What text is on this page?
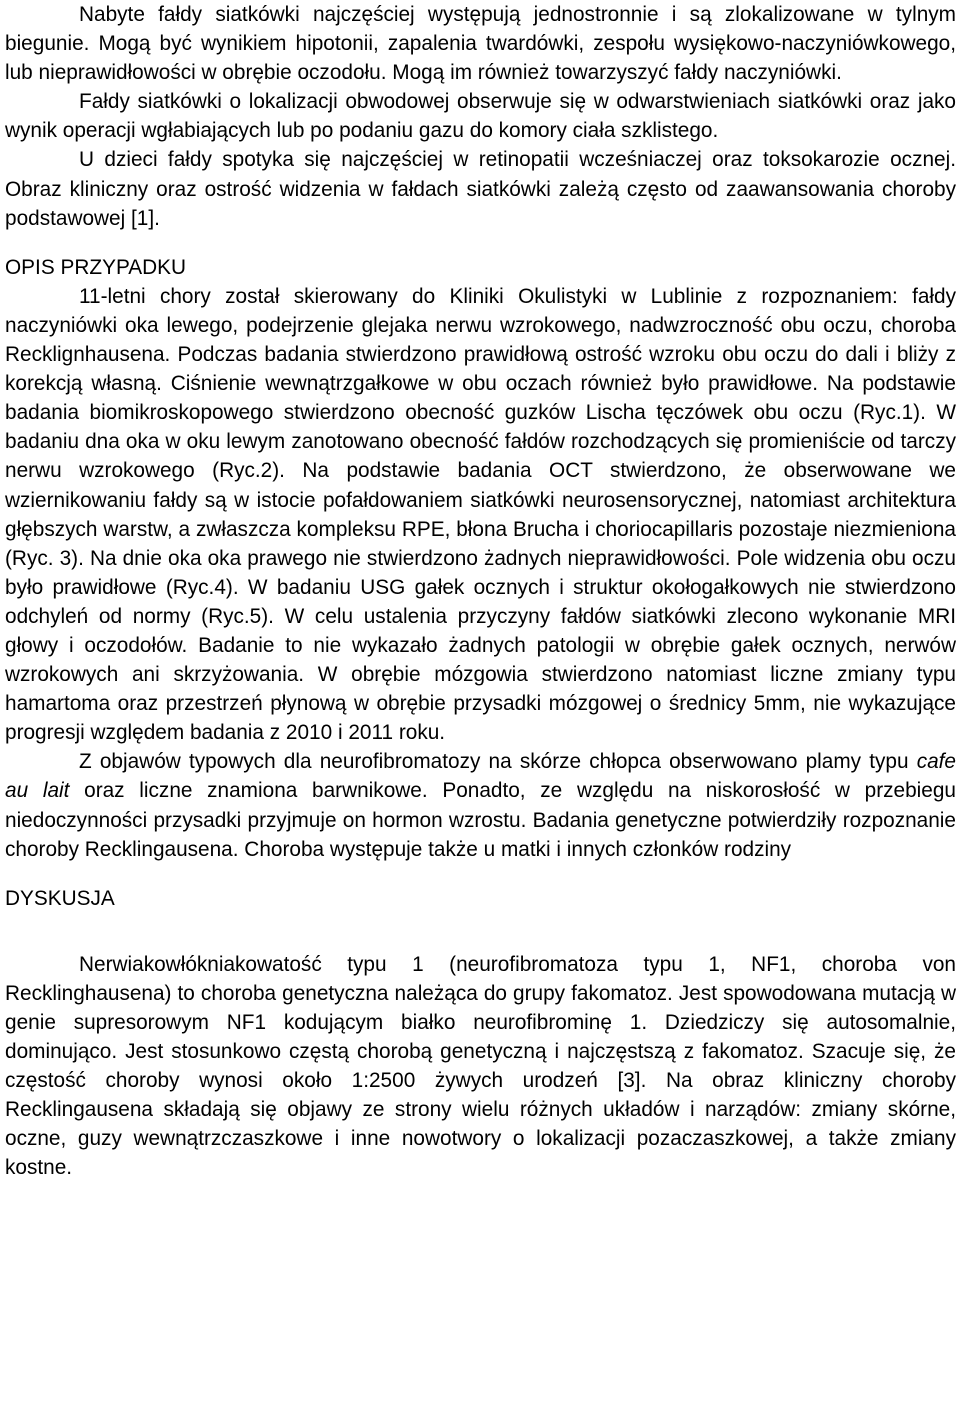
Nabyte fałdy siatkówki najczęściej występują jednostronnie i są zlokalizowane w tylnym biegunie. Mogą być wynikiem hipotonii, zapalenia twardówki, zespołu wysiękowo-naczyniówkowego, lub nieprawidłowości w obrębie oczodołu. Mogą im również towarzyszyć fałdy naczyniówki.

Fałdy siatkówki o lokalizacji obwodowej obserwuje się w odwarstwieniach siatkówki oraz jako wynik operacji wgłabiających lub po podaniu gazu do komory ciała szklistego.

U dzieci fałdy spotyka się najczęściej w retinopatii wcześniaczej oraz toksokarozie ocznej. Obraz kliniczny oraz ostrość widzenia w fałdach siatkówki zależą często od zaawansowania choroby podstawowej [1].

OPIS PRZYPADKU

11-letni chory został skierowany do Kliniki Okulistyki w Lublinie z rozpoznaniem: fałdy naczyniówki oka lewego, podejrzenie glejaka nerwu wzrokowego, nadwzroczność obu oczu, choroba Recklignhausena. Podczas badania stwierdzono prawidłową ostrość wzroku obu oczu do dali i bliży z korekcją własną. Ciśnienie wewnątrzgałkowe w obu oczach również było prawidłowe. Na podstawie badania biomikroskopowego stwierdzono obecność guzków Lischa tęczówek obu oczu (Ryc.1). W badaniu dna oka w oku lewym zanotowano obecność fałdów rozchodzących się promieniście od tarczy nerwu wzrokowego (Ryc.2). Na podstawie badania OCT stwierdzono, że obserwowane we wziernikowaniu fałdy są w istocie pofałdowaniem siatkówki neurosensorycznej, natomiast architektura głębszych warstw, a zwłaszcza kompleksu RPE, błona Brucha i choriocapillaris pozostaje niezmieniona (Ryc. 3). Na dnie oka oka prawego nie stwierdzono żadnych nieprawidłowości. Pole widzenia obu oczu było prawidłowe (Ryc.4). W badaniu USG gałek ocznych i struktur okołogałkowych nie stwierdzono odchyleń od normy (Ryc.5). W celu ustalenia przyczyny fałdów siatkówki zlecono wykonanie MRI głowy i oczodołów. Badanie to nie wykazało żadnych patologii w obrębie gałek ocznych, nerwów wzrokowych ani skrzyżowania. W obrębie mózgowia stwierdzono natomiast liczne zmiany typu hamartoma oraz przestrzeń płynową w obrębie przysadki mózgowej o średnicy 5mm, nie wykazujące progresji względem badania z 2010 i 2011 roku.

Z objawów typowych dla neurofibromatozy na skórze chłopca obserwowano plamy typu cafe au lait oraz liczne znamiona barwnikowe. Ponadto, ze względu na niskorosłość w przebiegu niedoczynności przysadki przyjmuje on hormon wzrostu. Badania genetyczne potwierdziły rozpoznanie choroby Recklingausena. Choroba występuje także u matki i innych członków rodziny

DYSKUSJA

Nerwiakowłókniakowatość typu 1 (neurofibromatoza typu 1, NF1, choroba von Recklinghausena) to choroba genetyczna należąca do grupy fakomatoz. Jest spowodowana mutacją w genie supresorowym NF1 kodującym białko neurofibrominę 1. Dziedziczy się autosomalnie, dominująco. Jest stosunkowo częstą chorobą genetyczną i najczęstszą z fakomatoz. Szacuje się, że częstość choroby wynosi około 1:2500 żywych urodzeń [3]. Na obraz kliniczny choroby Recklingausena składają się objawy ze strony wielu różnych układów i narządów: zmiany skórne, oczne, guzy wewnątrzczaszkowe i inne nowotwory o lokalizacji pozaczaszkowej, a także zmiany kostne.
